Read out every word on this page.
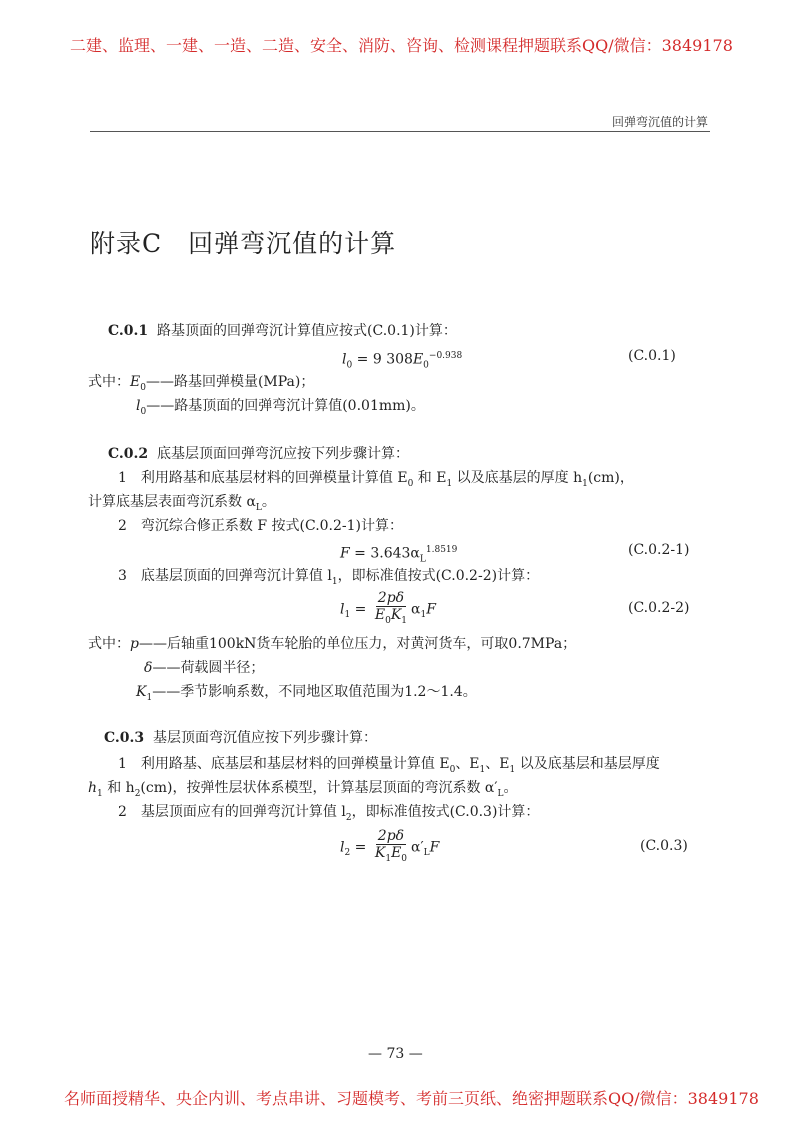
二建、监理、一建、一造、二造、安全、消防、咨询、检测课程押题联系QQ/微信：3849178
回弹弯沉值的计算
附录C　回弹弯沉值的计算
C.0.1 路基顶面的回弹弯沉计算值应按式(C.0.1)计算：
$l_0 = 9$ $308E_0^{-0.938}$	(C.0.1)
式中：$E_0——$路基回弹模量(MPa)；
$l_0——$路基顶面的回弹弯沉计算值(0.01mm)。
C.0.2 底基层顶面回弹弯沉应按下列步骤计算：
1　利用路基和底基层材料的回弹模量计算值 $E_0$ 和 $E_1$ 以及底基层的厚度 $h_1(cm)$，
计算底基层表面弯沉系数 $\alpha_L$。
2　弯沉综合修正系数 F 按式(C.0.2-1)计算：
$F = 3.643\alpha_L^{1.8519}$	(C.0.2-1)
3　底基层顶面的回弹弯沉计算值 $l_1$，即标准值按式(C.0.2-2)计算：
$l_1 = \frac{2p\delta}{E_0K_1} \alpha_1F$	(C.0.2-2)
式中：p——后轴重100kN货车轮胎的单位压力，对黄河货车，可取0.7MPa；
δ——荷载圆半径；
$K_1——$季节影响系数，不同地区取值范围为1.2～1.4。
C.0.3 基层顶面弯沉值应按下列步骤计算：
1　利用路基、底基层和基层材料的回弹模量计算值 $E_0$、$E_1$、$E_1$ 以及底基层和基层厚度
$h_1$ 和 $h_2(cm)$，按弹性层状体系模型，计算基层顶面的弯沉系数 $\alpha'_L$。
2　基层顶面应有的回弹弯沉计算值 $l_2$，即标准值按式(C.0.3)计算：
$l_2 = \frac{2p\delta}{K_1E_0} \alpha'_LF$	(C.0.3)
— 73 —
名师面授精华、央企内训、考点串讲、习题模考、考前三页纸、绝密押题联系QQ/微信：3849178
